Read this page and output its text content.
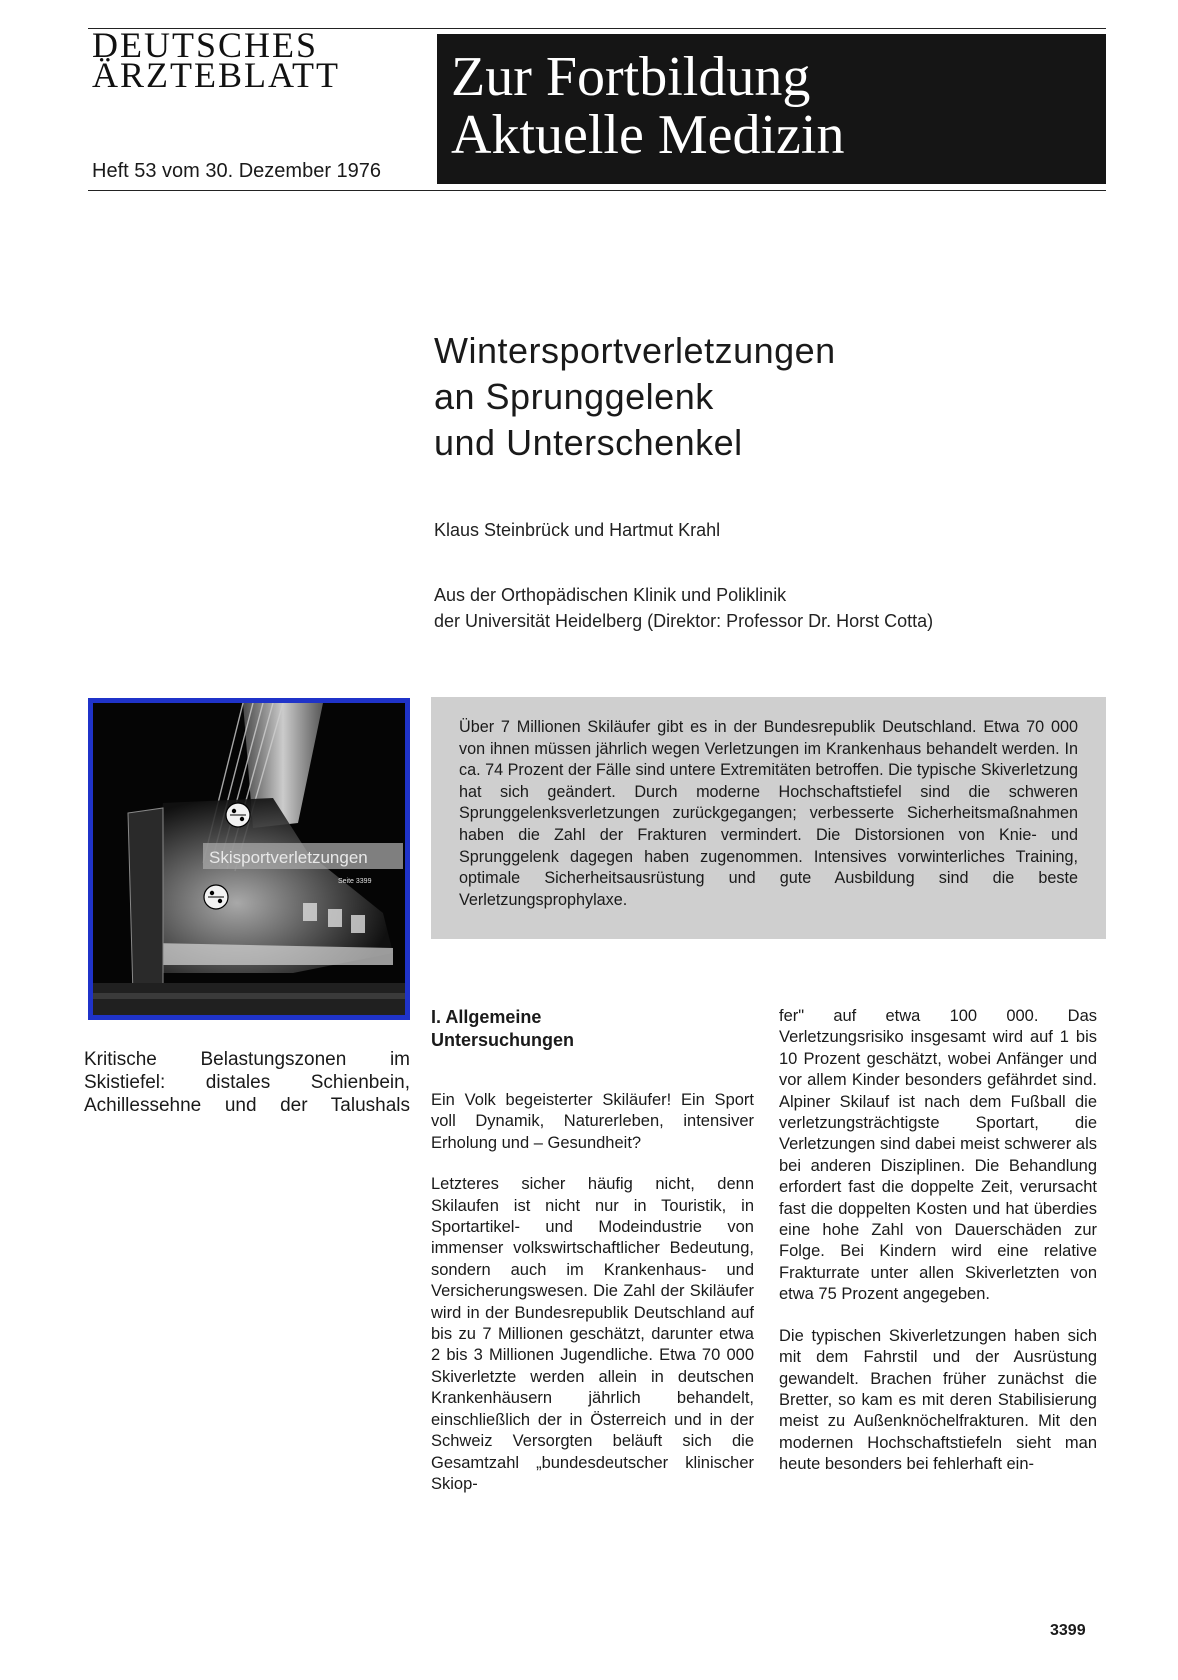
DEUTSCHES
ÄRZTEBLATT
Heft 53 vom 30. Dezember 1976
Zur Fortbildung
Aktuelle Medizin
Wintersportverletzungen
an Sprunggelenk
und Unterschenkel
Klaus Steinbrück und Hartmut Krahl
Aus der Orthopädischen Klinik und Poliklinik
der Universität Heidelberg (Direktor: Professor Dr. Horst Cotta)
Skisportverletzungen
Seite 3399
Kritische Belastungszonen im Skistiefel: distales Schienbein, Achillessehne und der Talushals

Über 7 Millionen Skiläufer gibt es in der Bundesrepublik Deutschland. Etwa 70 000 von ihnen müssen jährlich wegen Verletzungen im Krankenhaus behandelt werden. In ca. 74 Prozent der Fälle sind untere Extremitäten betroffen. Die typische Skiverletzung hat sich geändert. Durch moderne Hochschaftstiefel sind die schweren Sprunggelenksverletzungen zurückgegangen; verbesserte Sicherheitsmaßnahmen haben die Zahl der Frakturen vermindert. Die Distorsionen von Knie- und Sprunggelenk dagegen haben zugenommen. Intensives vorwinterliches Training, optimale Sicherheitsausrüstung und gute Ausbildung sind die beste Verletzungsprophylaxe.

I. Allgemeine
Untersuchungen

Ein Volk begeisterter Skiläufer! Ein Sport voll Dynamik, Naturerleben, intensiver Erholung und – Gesundheit?

Letzteres sicher häufig nicht, denn Skilaufen ist nicht nur in Touristik, in Sportartikel- und Modeindustrie von immenser volkswirtschaftlicher Bedeutung, sondern auch im Krankenhaus- und Versicherungswesen. Die Zahl der Skiläufer wird in der Bundesrepublik Deutschland auf bis zu 7 Millionen geschätzt, darunter etwa 2 bis 3 Millionen Jugendliche. Etwa 70 000 Skiverletzte werden allein in deutschen Krankenhäusern jährlich behandelt, einschließlich der in Österreich und in der Schweiz Versorgten beläuft sich die Gesamtzahl „bundesdeutscher klinischer Skiop-

fer" auf etwa 100 000. Das Verletzungsrisiko insgesamt wird auf 1 bis 10 Prozent geschätzt, wobei Anfänger und vor allem Kinder besonders gefährdet sind. Alpiner Skilauf ist nach dem Fußball die verletzungsträchtigste Sportart, die Verletzungen sind dabei meist schwerer als bei anderen Disziplinen. Die Behandlung erfordert fast die doppelte Zeit, verursacht fast die doppelten Kosten und hat überdies eine hohe Zahl von Dauerschäden zur Folge. Bei Kindern wird eine relative Frakturrate unter allen Skiverletzten von etwa 75 Prozent angegeben.

Die typischen Skiverletzungen haben sich mit dem Fahrstil und der Ausrüstung gewandelt. Brachen früher zunächst die Bretter, so kam es mit deren Stabilisierung meist zu Außenknöchelfrakturen. Mit den modernen Hochschaftstiefeln sieht man heute besonders bei fehlerhaft ein-

3399
